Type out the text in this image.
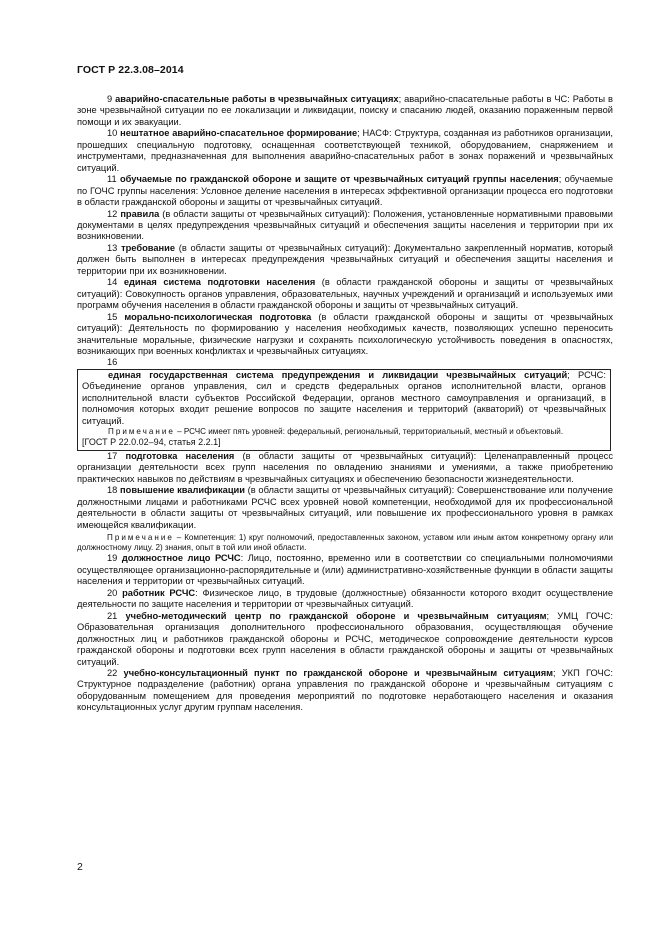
ГОСТ Р 22.3.08–2014

9 аварийно-спасательные работы в чрезвычайных ситуациях; аварийно-спасательные работы в ЧС: Работы в зоне чрезвычайной ситуации по ее локализации и ликвидации, поиску и спасанию людей, оказанию пораженным первой помощи и их эвакуации.

10 нештатное аварийно-спасательное формирование; НАСФ: Структура, созданная из работников организации, прошедших специальную подготовку, оснащенная соответствующей техникой, оборудованием, снаряжением и инструментами, предназначенная для выполнения аварийно-спасательных работ в зонах поражений и чрезвычайных ситуаций.

11 обучаемые по гражданской обороне и защите от чрезвычайных ситуаций группы населения; обучаемые по ГОЧС группы населения: Условное деление населения в интересах эффективной организации процесса его подготовки в области гражданской обороны и защиты от чрезвычайных ситуаций.

12 правила (в области защиты от чрезвычайных ситуаций): Положения, установленные нормативными правовыми документами в целях предупреждения чрезвычайных ситуаций и обеспечения защиты населения и территории при их возникновении.

13 требование (в области защиты от чрезвычайных ситуаций): Документально закрепленный норматив, который должен быть выполнен в интересах предупреждения чрезвычайных ситуаций и обеспечения защиты населения и территории при их возникновении.

14 единая система подготовки населения (в области гражданской обороны и защиты от чрезвычайных ситуаций): Совокупность органов управления, образовательных, научных учреждений и организаций и используемых ими программ обучения населения в области гражданской обороны и защиты от чрезвычайных ситуаций.

15 морально-психологическая подготовка (в области гражданской обороны и защиты от чрезвычайных ситуаций): Деятельность по формированию у населения необходимых качеств, позволяющих успешно переносить значительные моральные, физические нагрузки и сохранять психологическую устойчивость поведения в опасностях, возникающих при военных конфликтах и чрезвычайных ситуациях.

16

единая государственная система предупреждения и ликвидации чрезвычайных ситуаций; РСЧС: Объединение органов управления, сил и средств федеральных органов исполнительной власти, органов исполнительной власти субъектов Российской Федерации, органов местного самоуправления и организаций, в полномочия которых входит решение вопросов по защите населения и территорий (акваторий) от чрезвычайных ситуаций.

Примечание – РСЧС имеет пять уровней: федеральный, региональный, территориальный, местный и объектовый.

[ГОСТ Р 22.0.02–94, статья 2.2.1]

17 подготовка населения (в области защиты от чрезвычайных ситуаций): Целенаправленный процесс организации деятельности всех групп населения по овладению знаниями и умениями, а также приобретению практических навыков по действиям в чрезвычайных ситуациях и обеспечению безопасности жизнедеятельности.

18 повышение квалификации (в области защиты от чрезвычайных ситуаций): Совершенствование или получение должностными лицами и работниками РСЧС всех уровней новой компетенции, необходимой для их профессиональной деятельности в области защиты от чрезвычайных ситуаций, или повышение их профессионального уровня в рамках имеющейся квалификации.

Примечание – Компетенция: 1) круг полномочий, предоставленных законом, уставом или иным актом конкретному органу или должностному лицу. 2) знания, опыт в той или иной области.

19 должностное лицо РСЧС: Лицо, постоянно, временно или в соответствии со специальными полномочиями осуществляющее организационно-распорядительные и (или) административно-хозяйственные функции в области защиты населения и территории от чрезвычайных ситуаций.

20 работник РСЧС: Физическое лицо, в трудовые (должностные) обязанности которого входит осуществление деятельности по защите населения и территории от чрезвычайных ситуаций.

21 учебно-методический центр по гражданской обороне и чрезвычайным ситуациям; УМЦ ГОЧС: Образовательная организация дополнительного профессионального образования, осуществляющая обучение должностных лиц и работников гражданской обороны и РСЧС, методическое сопровождение деятельности курсов гражданской обороны и подготовки всех групп населения в области гражданской обороны и защиты от чрезвычайных ситуаций.

22 учебно-консультационный пункт по гражданской обороне и чрезвычайным ситуациям; УКП ГОЧС: Структурное подразделение (работник) органа управления по гражданской обороне и чрезвычайным ситуациям с оборудованным помещением для проведения мероприятий по подготовке неработающего населения и оказания консультационных услуг другим группам населения.

2
